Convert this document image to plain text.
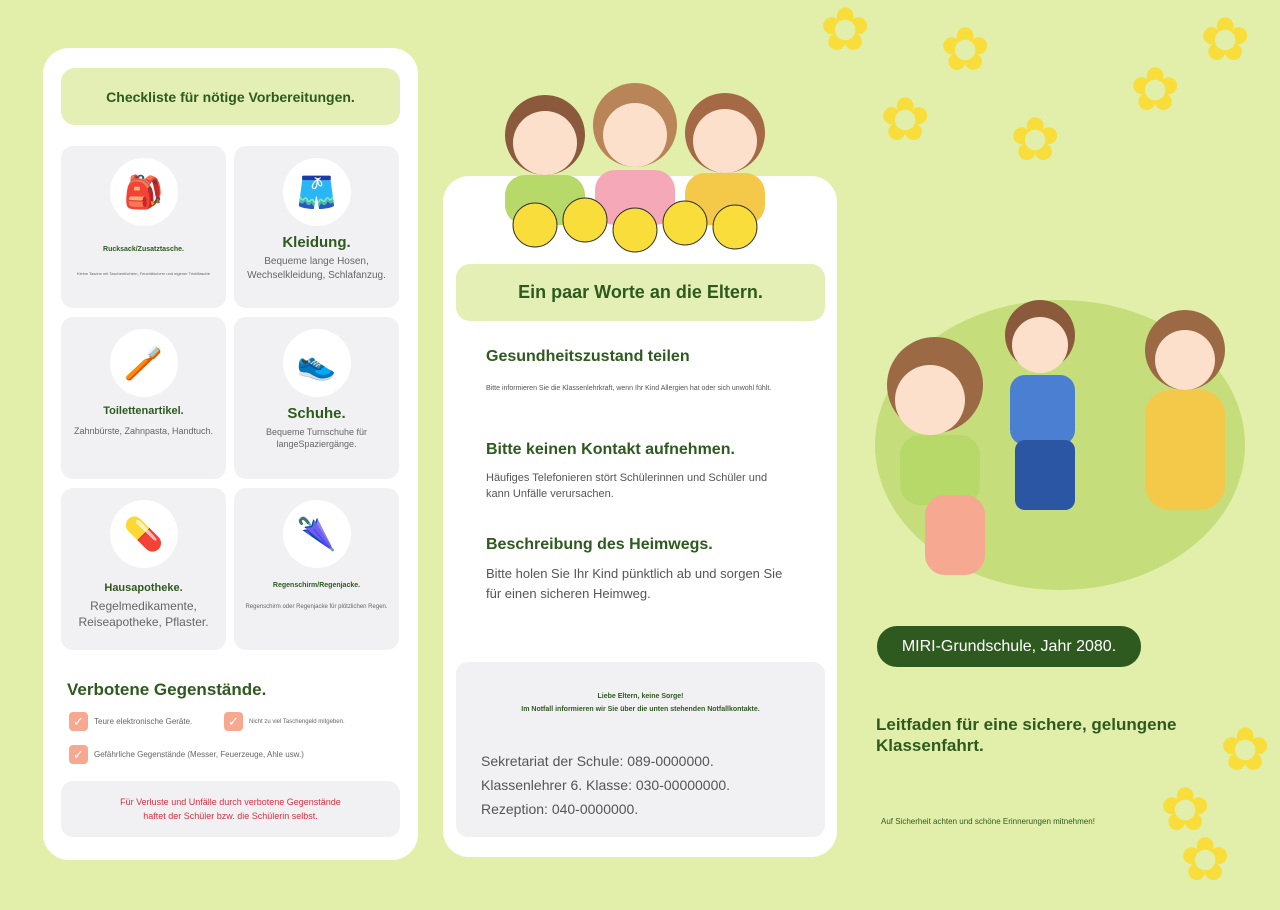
✿
✿
✿
✿
✿
✿
✿
✿
✿
Checkliste für nötige Vorbereitungen.
🎒
Rucksack/Zusatztasche.
Kleine Tasche mit Taschentüchern, Feuchttüchern und eigener Trinkflasche
🩳
Kleidung.
Bequeme lange Hosen, Wechselkleidung, Schlafanzug.
🪥
Toilettenartikel.
Zahnbürste, Zahnpasta, Handtuch.
👟
Schuhe.
Bequeme Turnschuhe für langeSpaziergänge.
💊
Hausapotheke.
Regelmedikamente, Reiseapotheke, Pflaster.
🌂
Regenschirm/Regenjacke.
Regenschirm oder Regenjacke für plötzlichen Regen.
Verbotene Gegenstände.
✓	Teure elektronische Geräte.	✓	Nicht zu viel Taschengeld mitgeben.
✓	Gefährliche Gegenstände (Messer, Feuerzeuge, Ahle usw.)
Für Verluste und Unfälle durch verbotene Gegenstände
haftet der Schüler bzw. die Schülerin selbst.
Ein paar Worte an die Eltern.
Gesundheitszustand teilen
Bitte informieren Sie die Klassenlehrkraft, wenn Ihr Kind Allergien hat oder sich unwohl fühlt.
Bitte keinen Kontakt aufnehmen.
Häufiges Telefonieren stört Schülerinnen und Schüler und kann Unfälle verursachen.
Beschreibung des Heimwegs.
Bitte holen Sie Ihr Kind pünktlich ab und sorgen Sie für einen sicheren Heimweg.
Liebe Eltern, keine Sorge!
Im Notfall informieren wir Sie über die unten stehenden Notfallkontakte.
Sekretariat der Schule: 089-0000000.
Klassenlehrer 6. Klasse: 030-00000000.
Rezeption: 040-0000000.
MIRI-Grundschule, Jahr 2080.
Leitfaden für eine sichere, gelungene Klassenfahrt.
Auf Sicherheit achten und schöne Erinnerungen mitnehmen!
